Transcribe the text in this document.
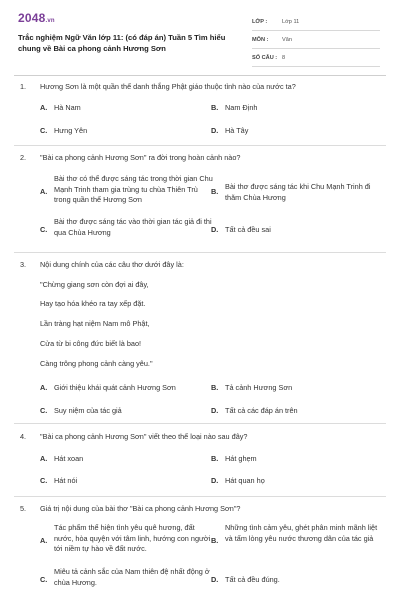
2048.vn
Trắc nghiệm Ngữ Văn lớp 11: (có đáp án) Tuần 5 Tìm hiểu chung về Bài ca phong cảnh Hương Sơn
LỚP :	Lớp 11
MÔN : Văn
SỐ CÂU : 8
1. Hương Sơn là một quần thể danh thắng Phật giáo thuộc tỉnh nào của nước ta?
A. Hà Nam	B. Nam Định
C. Hưng Yên	D. Hà Tây
2. "Bài ca phong cảnh Hương Sơn" ra đời trong hoàn cảnh nào?
A.
Bài thơ có thể được sáng tác trong thời gian Chu Mạnh Trinh tham gia trùng tu chùa Thiên Trù trong quần thể Hương Sơn
B.
Bài thơ được sáng tác khi Chu Mạnh Trinh đi thăm Chùa Hương
C.
Bài thơ được sáng tác vào thời gian tác giả đi thi qua Chùa Hương	D. Tất cả đều sai
3. Nội dung chính của các câu thơ dưới đây là:
"Chừng giang sơn còn đợi ai đây,
Hay tạo hóa khéo ra tay xếp đặt.
Lần tràng hạt niệm Nam mô Phật,
Cửa từ bi công đức biết là bao!
Càng trông phong cảnh càng yêu."
A. Giới thiệu khái quát cảnh Hương Sơn	B. Tả cảnh Hương Sơn
C. Suy niệm của tác giả	D. Tất cả các đáp án trên
4. "Bài ca phong cảnh Hương Sơn" viết theo thể loại nào sau đây?
A. Hát xoan	B. Hát ghẹm
C. Hát nói	D. Hát quan họ
5. Giá trị nội dung của bài thơ "Bài ca phong cảnh Hương Sơn"?
A.
Tác phẩm thể hiện tình yêu quê hương, đất nước, hòa quyện với tâm linh, hướng con người tới niềm tự hào về đất nước.
B.
Những tình cảm yêu, ghét phân minh mãnh liệt và tấm lòng yêu nước thương dân của tác giả
C.
Miêu tả cảnh sắc của Nam thiên đệ nhất động ở chùa Hương.	D. Tất cả đều đúng.
